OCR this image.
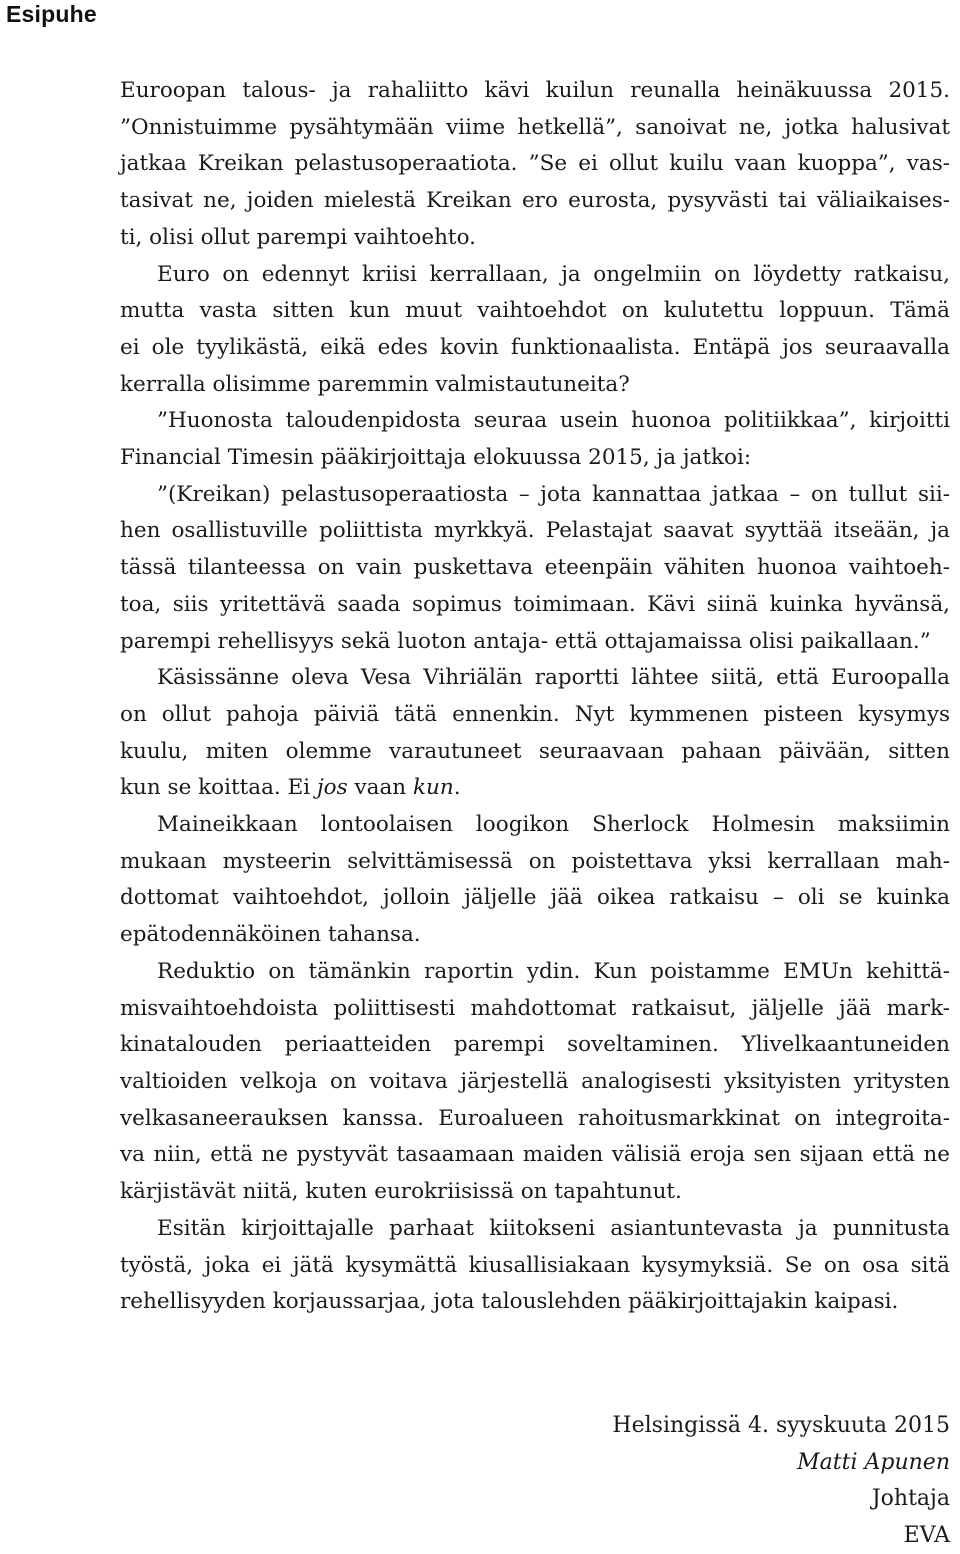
Esipuhe
Euroopan talous- ja rahaliitto kävi kuilun reunalla heinäkuussa 2015.
”Onnistuimme pysähtymään viime hetkellä”, sanoivat ne, jotka halusivat
jatkaa Kreikan pelastusoperaatiota. ”Se ei ollut kuilu vaan kuoppa”, vas-
tasivat ne, joiden mielestä Kreikan ero eurosta, pysyvästi tai väliaikaises-
ti, olisi ollut parempi vaihtoehto.
Euro on edennyt kriisi kerrallaan, ja ongelmiin on löydetty ratkaisu,
mutta vasta sitten kun muut vaihtoehdot on kulutettu loppuun. Tämä
ei ole tyylikästä, eikä edes kovin funktionaalista. Entäpä jos seuraavalla
kerralla olisimme paremmin valmistautuneita?
”Huonosta taloudenpidosta seuraa usein huonoa politiikkaa”, kirjoitti
Financial Timesin pääkirjoittaja elokuussa 2015, ja jatkoi:
”(Kreikan) pelastusoperaatiosta – jota kannattaa jatkaa – on tullut sii-
hen osallistuville poliittista myrkkyä. Pelastajat saavat syyttää itseään, ja
tässä tilanteessa on vain puskettava eteenpäin vähiten huonoa vaihtoeh-
toa, siis yritettävä saada sopimus toimimaan. Kävi siinä kuinka hyvänsä,
parempi rehellisyys sekä luoton antaja- että ottajamaissa olisi paikallaan.”
Käsissänne oleva Vesa Vihriälän raportti lähtee siitä, että Euroopalla
on ollut pahoja päiviä tätä ennenkin. Nyt kymmenen pisteen kysymys
kuulu, miten olemme varautuneet seuraavaan pahaan päivään, sitten
kun se koittaa. Ei jos vaan kun.
Maineikkaan lontoolaisen loogikon Sherlock Holmesin maksiimin
mukaan mysteerin selvittämisessä on poistettava yksi kerrallaan mah-
dottomat vaihtoehdot, jolloin jäljelle jää oikea ratkaisu – oli se kuinka
epätodennäköinen tahansa.
Reduktio on tämänkin raportin ydin. Kun poistamme EMUn kehittä-
misvaihtoehdoista poliittisesti mahdottomat ratkaisut, jäljelle jää mark-
kinatalouden periaatteiden parempi soveltaminen. Ylivelkaantuneiden
valtioiden velkoja on voitava järjestellä analogisesti yksityisten yritysten
velkasaneerauksen kanssa. Euroalueen rahoitusmarkkinat on integroita-
va niin, että ne pystyvät tasaamaan maiden välisiä eroja sen sijaan että ne
kärjistävät niitä, kuten eurokriisissä on tapahtunut.
Esitän kirjoittajalle parhaat kiitokseni asiantuntevasta ja punnitusta
työstä, joka ei jätä kysymättä kiusallisiakaan kysymyksiä. Se on osa sitä
rehellisyyden korjaussarjaa, jota talouslehden pääkirjoittajakin kaipasi.
Helsingissä 4. syyskuuta 2015
Matti Apunen
Johtaja
EVA
